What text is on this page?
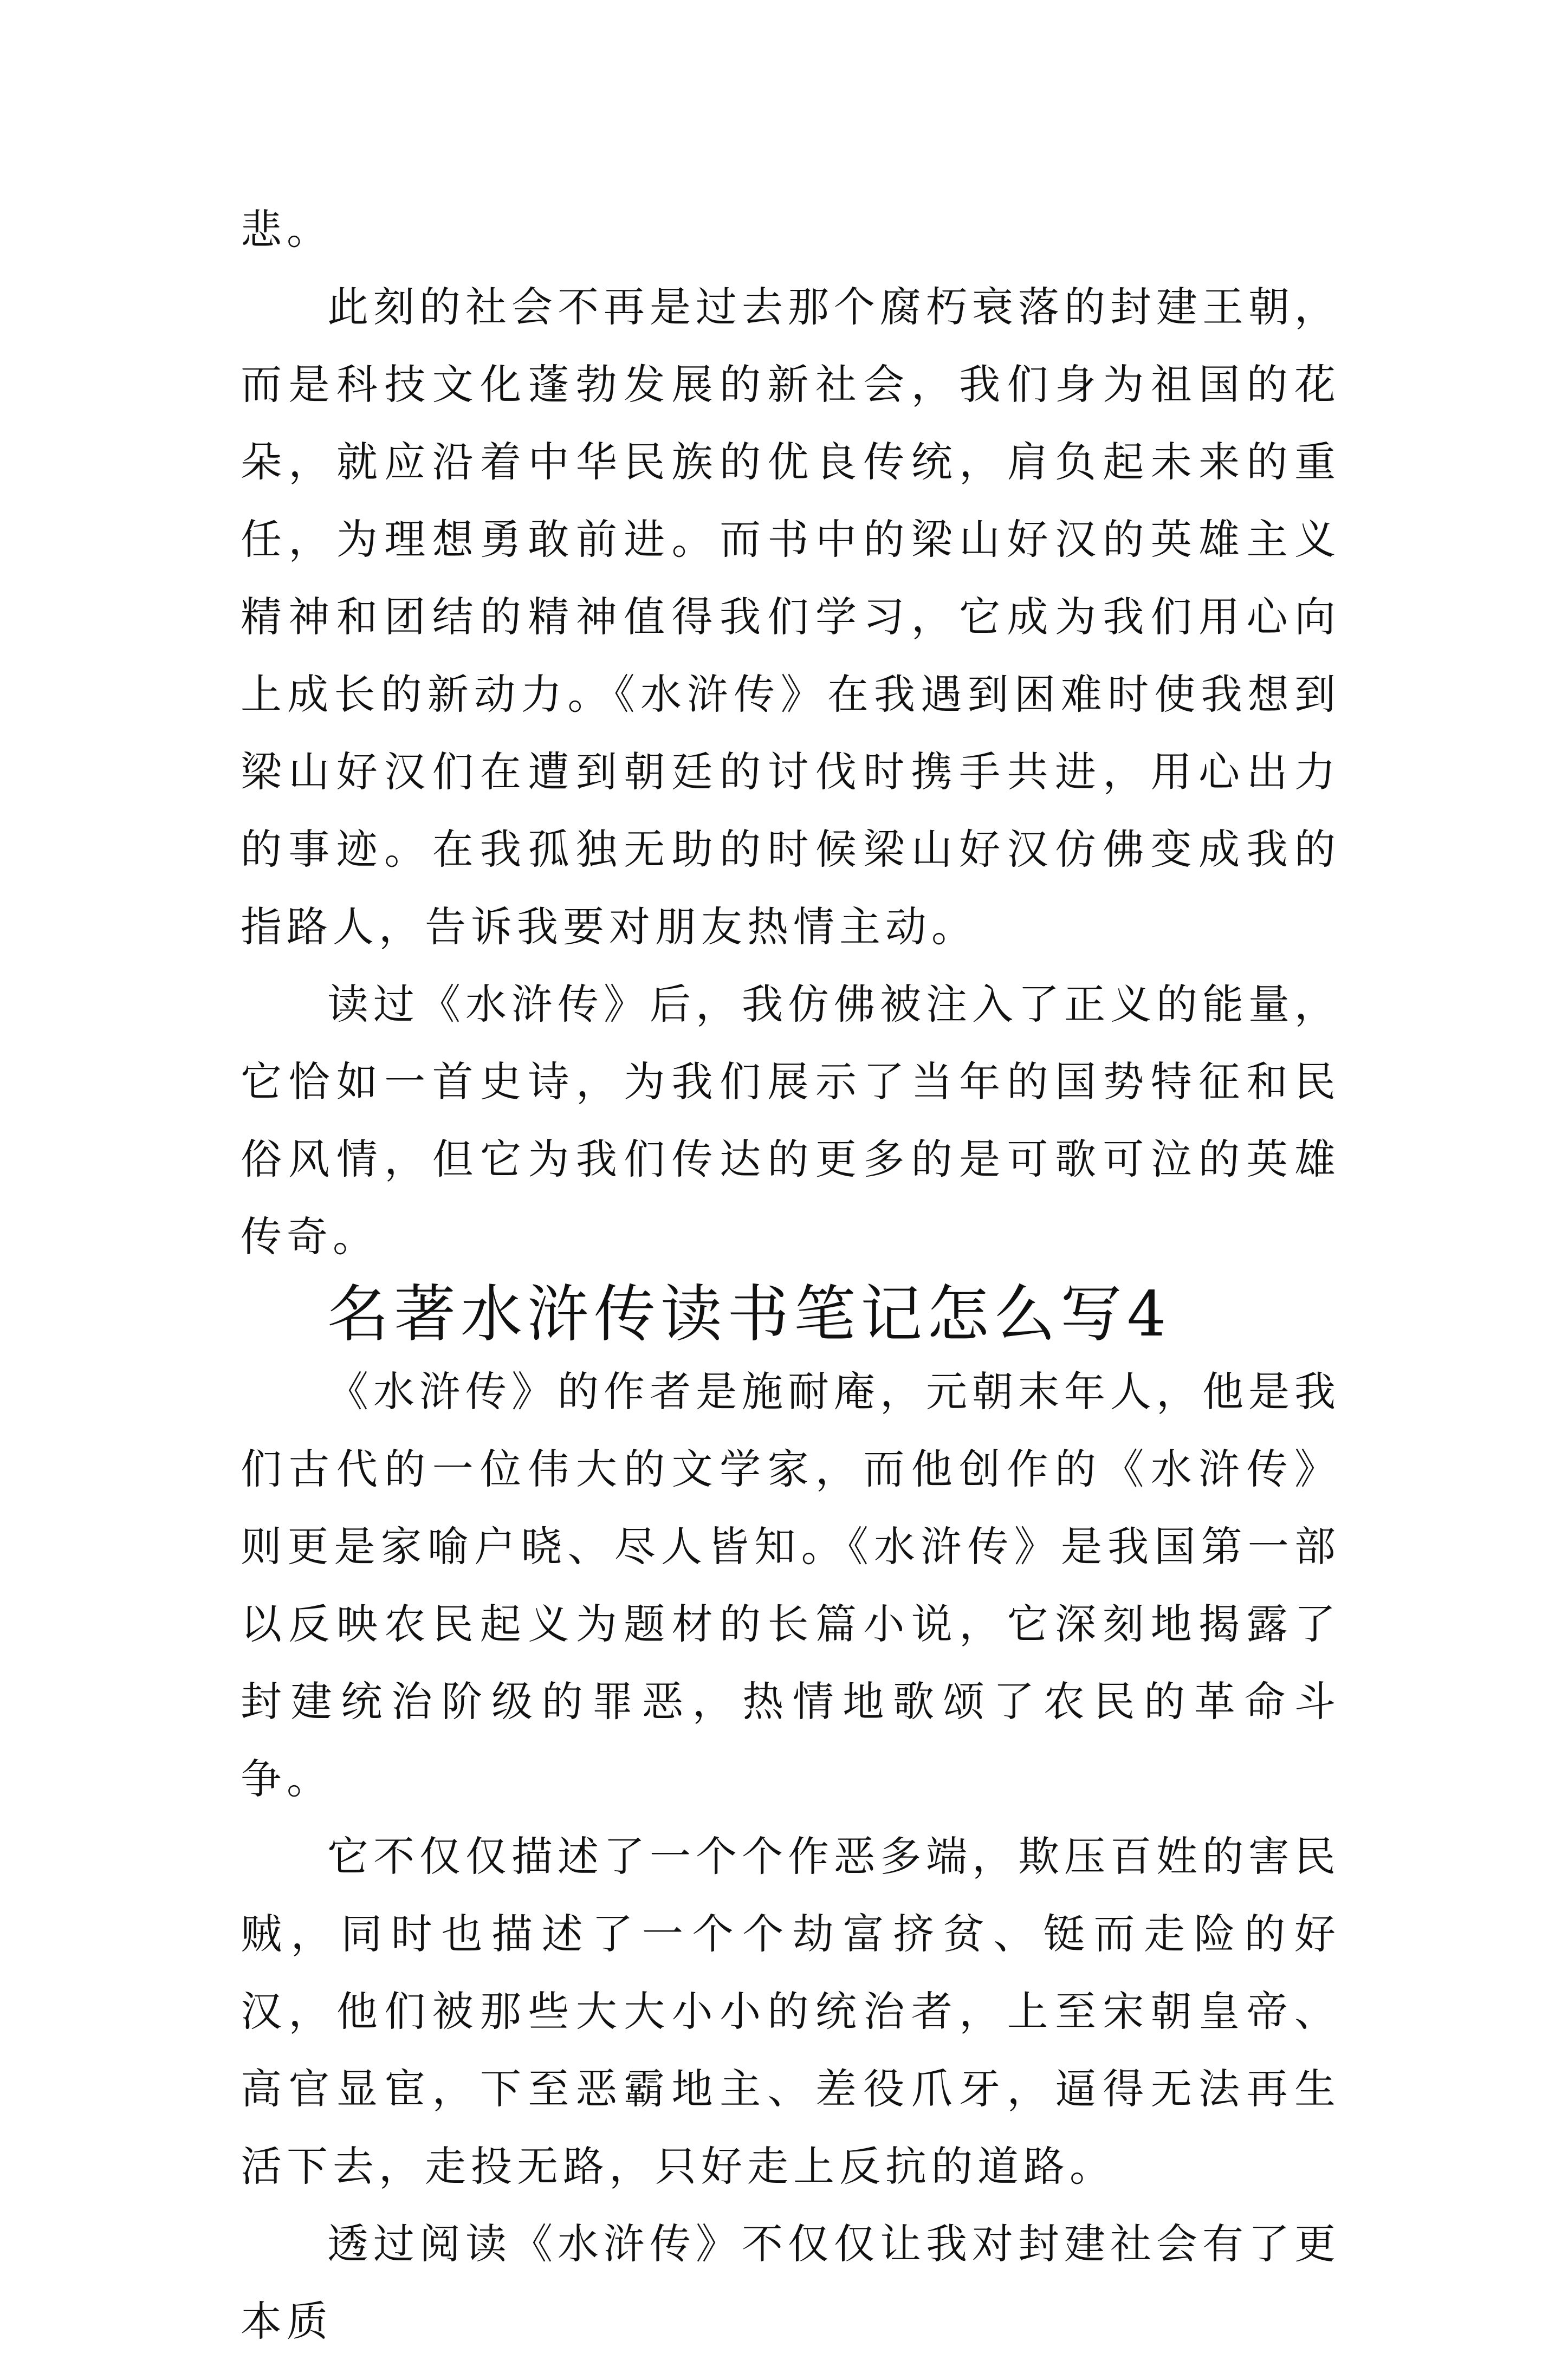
悲。

此刻的社会不再是过去那个腐朽衰落的封建王朝，而是科技文化蓬勃发展的新社会，我们身为祖国的花朵，就应沿着中华民族的优良传统，肩负起未来的重任，为理想勇敢前进。而书中的梁山好汉的英雄主义精神和团结的精神值得我们学习，它成为我们用心向上成长的新动力。《水浒传》在我遇到困难时使我想到梁山好汉们在遭到朝廷的讨伐时携手共进，用心出力的事迹。在我孤独无助的时候梁山好汉仿佛变成我的指路人，告诉我要对朋友热情主动。

读过《水浒传》后，我仿佛被注入了正义的能量，它恰如一首史诗，为我们展示了当年的国势特征和民俗风情，但它为我们传达的更多的是可歌可泣的英雄传奇。

名著水浒传读书笔记怎么写4

《水浒传》的作者是施耐庵，元朝末年人，他是我们古代的一位伟大的文学家，而他创作的《水浒传》则更是家喻户晓、尽人皆知。《水浒传》是我国第一部以反映农民起义为题材的长篇小说，它深刻地揭露了封建统治阶级的罪恶，热情地歌颂了农民的革命斗争。

它不仅仅描述了一个个作恶多端，欺压百姓的害民贼，同时也描述了一个个劫富挤贫、铤而走险的好汉，他们被那些大大小小的统治者，上至宋朝皇帝、高官显宦，下至恶霸地主、差役爪牙，逼得无法再生活下去，走投无路，只好走上反抗的道路。

透过阅读《水浒传》不仅仅让我对封建社会有了更本质
